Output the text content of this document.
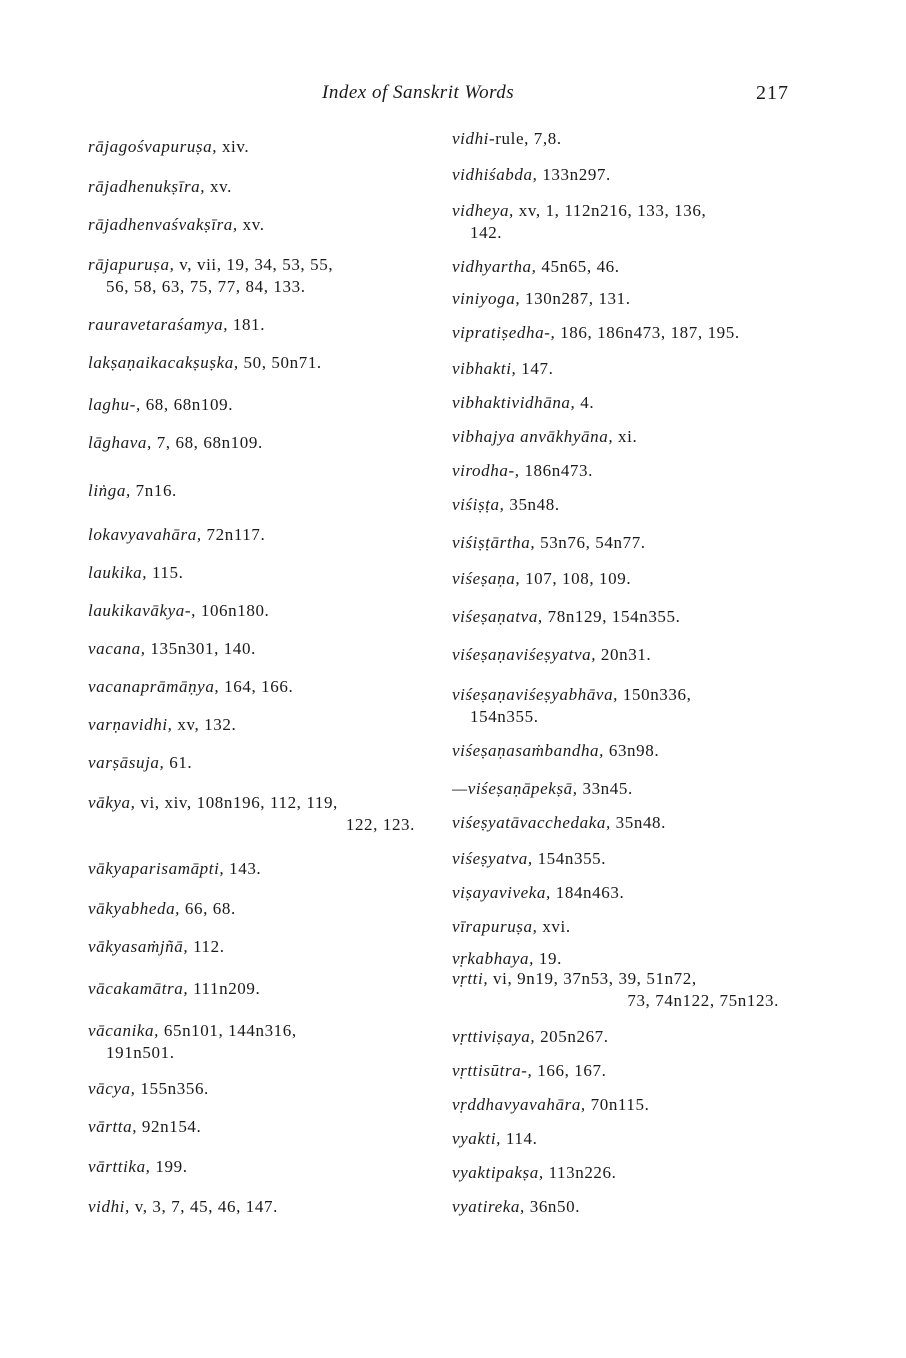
Index of Sanskrit Words	217
rājagośvapuruṣa, xiv.
rājadhenukṣīra, xv.
rājadhenvaśvakṣīra, xv.
rājapuruṣa, v, vii, 19, 34, 53, 55,
56, 58, 63, 75, 77, 84, 133.
rauravetaraśamya, 181.
lakṣaṇaikacakṣuṣka, 50, 50n71.
laghu-, 68, 68n109.
lāghava, 7, 68, 68n109.
liṅga, 7n16.
lokavyavahāra, 72n117.
laukika, 115.
laukikavākya-, 106n180.
vacana, 135n301, 140.
vacanaprāmāṇya, 164, 166.
varṇavidhi, xv, 132.
varṣāsuja, 61.
vākya, vi, xiv, 108n196, 112, 119,
122, 123.
vākyaparisamāpti, 143.
vākyabheda, 66, 68.
vākyasaṁjñā, 112.
vācakamātra, 111n209.
vācanika, 65n101, 144n316,
191n501.
vācya, 155n356.
vārtta, 92n154.
vārttika, 199.
vidhi, v, 3, 7, 45, 46, 147.
vidhi-rule, 7,8.
vidhiśabda, 133n297.
vidheya, xv, 1, 112n216, 133, 136,
142.
vidhyartha, 45n65, 46.
viniyoga, 130n287, 131.
vipratiṣedha-, 186, 186n473, 187, 195.
vibhakti, 147.
vibhaktividhāna, 4.
vibhajya anvākhyāna, xi.
virodha-, 186n473.
viśiṣṭa, 35n48.
viśiṣṭārtha, 53n76, 54n77.
viśeṣaṇa, 107, 108, 109.
viśeṣaṇatva, 78n129, 154n355.
viśeṣaṇaviśeṣyatva, 20n31.
viśeṣaṇaviśeṣyabhāva, 150n336,
154n355.
viśeṣaṇasaṁbandha, 63n98.
—viśeṣaṇāpekṣā, 33n45.
viśeṣyatāvacchedaka, 35n48.
viśeṣyatva, 154n355.
viṣayaviveka, 184n463.
vīrapuruṣa, xvi.
vṛkabhaya, 19.
vṛtti, vi, 9n19, 37n53, 39, 51n72,
73, 74n122, 75n123.
vṛttiviṣaya, 205n267.
vṛttisūtra-, 166, 167.
vṛddhavyavahāra, 70n115.
vyakti, 114.
vyaktipakṣa, 113n226.
vyatireka, 36n50.
